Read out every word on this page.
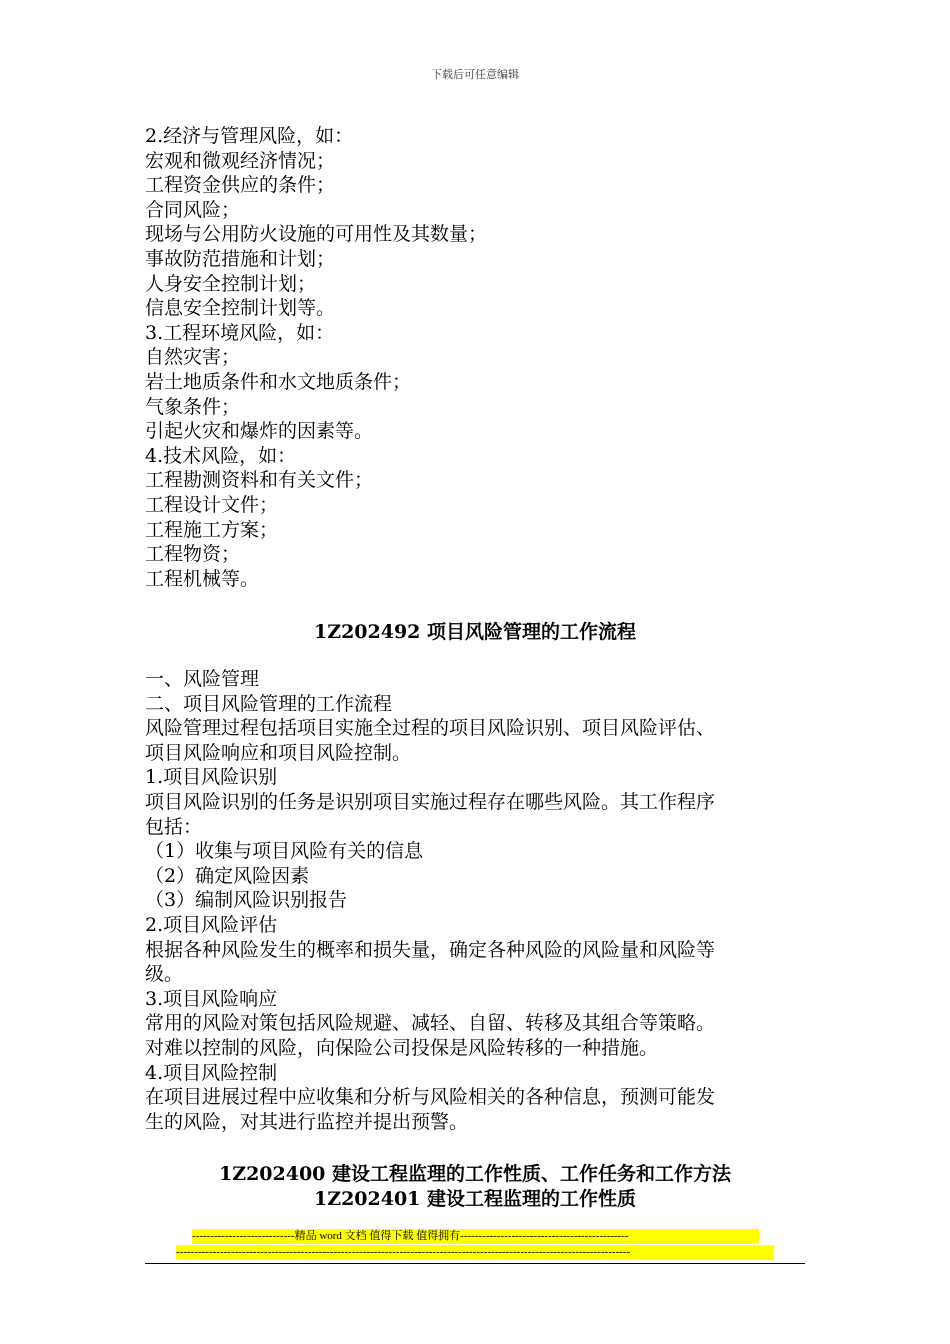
下载后可任意编辑
2.经济与管理风险，如：
宏观和微观经济情况；
工程资金供应的条件；
合同风险；
现场与公用防火设施的可用性及其数量；
事故防范措施和计划；
人身安全控制计划；
信息安全控制计划等。
3.工程环境风险，如：
自然灾害；
岩土地质条件和水文地质条件；
气象条件；
引起火灾和爆炸的因素等。
4.技术风险，如：
工程勘测资料和有关文件；
工程设计文件；
工程施工方案；
工程物资；
工程机械等。
1Z202492 项目风险管理的工作流程
一、风险管理
二、项目风险管理的工作流程
风险管理过程包括项目实施全过程的项目风险识别、项目风险评估、
项目风险响应和项目风险控制。
1.项目风险识别
项目风险识别的任务是识别项目实施过程存在哪些风险。其工作程序
包括：
（1）收集与项目风险有关的信息
（2）确定风险因素
（3）编制风险识别报告
2.项目风险评估
根据各种风险发生的概率和损失量，确定各种风险的风险量和风险等
级。
3.项目风险响应
常用的风险对策包括风险规避、减轻、自留、转移及其组合等策略。
对难以控制的风险，向保险公司投保是风险转移的一种措施。
4.项目风险控制
在项目进展过程中应收集和分析与风险相关的各种信息，预测可能发
生的风险，对其进行监控并提出预警。
1Z202400 建设工程监理的工作性质、工作任务和工作方法
1Z202401 建设工程监理的工作性质
----------------------------精品 word 文档 值得下载 值得拥有----------------------------------------------
----------------------------------------------------------------------------------------------------------------------------
